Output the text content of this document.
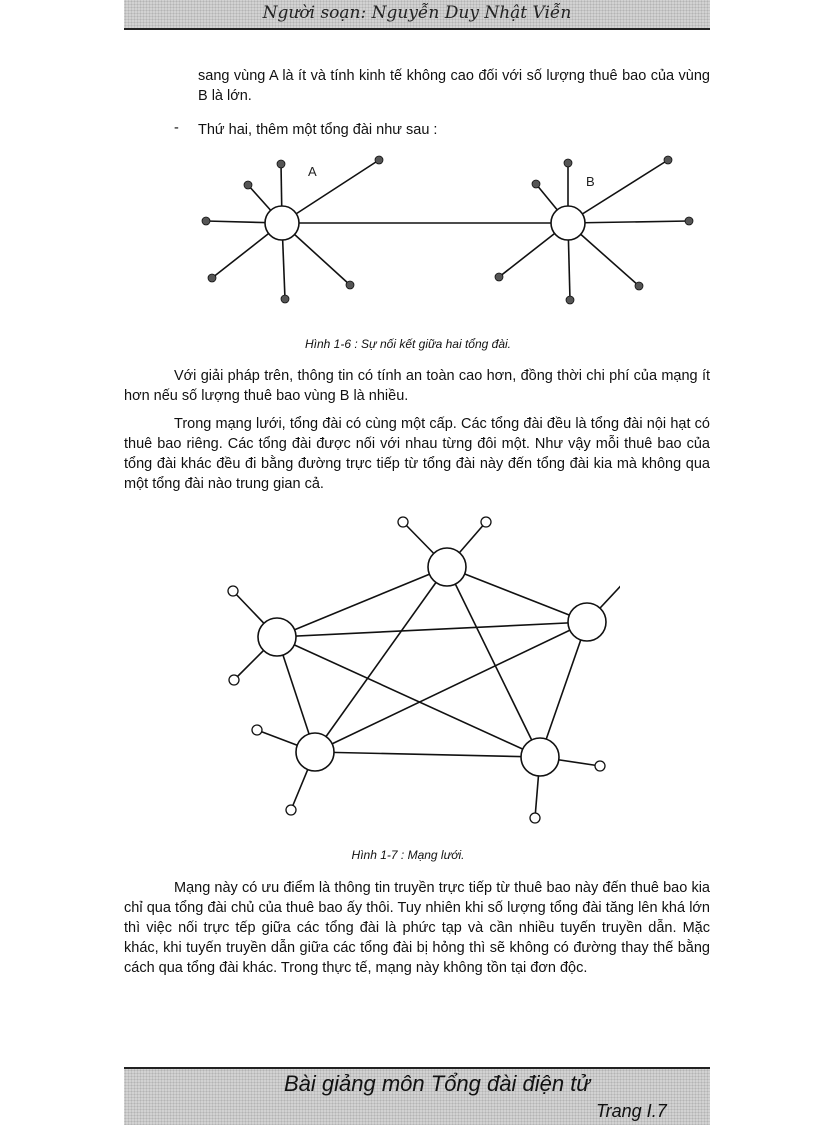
Người soạn: Nguyễn Duy Nhật Viễn
sang vùng A là ít và tính kinh tế không cao đối với số lượng thuê bao của vùng B là lớn.
- Thứ hai, thêm một tổng đài như sau :
A
B
Hình 1-6 : Sự nối kết giữa hai tổng đài.
Với giải pháp trên, thông tin có tính an toàn cao hơn, đồng thời chi phí của mạng ít hơn nếu số lượng thuê bao vùng B là nhiều.
Trong mạng lưới, tổng đài có cùng một cấp. Các tổng đài đều là tổng đài nội hạt có thuê bao riêng. Các tổng đài được nối với nhau từng đôi một. Như vậy mỗi thuê bao của tổng đài khác đều đi bằng đường trực tiếp từ tổng đài này đến tổng đài kia mà không qua một tổng đài nào trung gian cả.
Hình 1-7 : Mạng lưới.
Mạng này có ưu điểm là thông tin truyền trực tiếp từ thuê bao này đến thuê bao kia chỉ qua tổng đài chủ của thuê bao ấy thôi. Tuy nhiên khi số lượng tổng đài tăng lên khá lớn thì việc nối trực tếp giữa các tổng đài là phức tạp và cần nhiều tuyến truyền dẫn. Mặc khác, khi tuyến truyền dẫn giữa các tổng đài bị hỏng thì sẽ không có đường thay thế bằng cách qua tổng đài khác. Trong thực tế, mạng này không tồn tại đơn độc.
Bài giảng môn Tổng đài điện tử
Trang I.7
